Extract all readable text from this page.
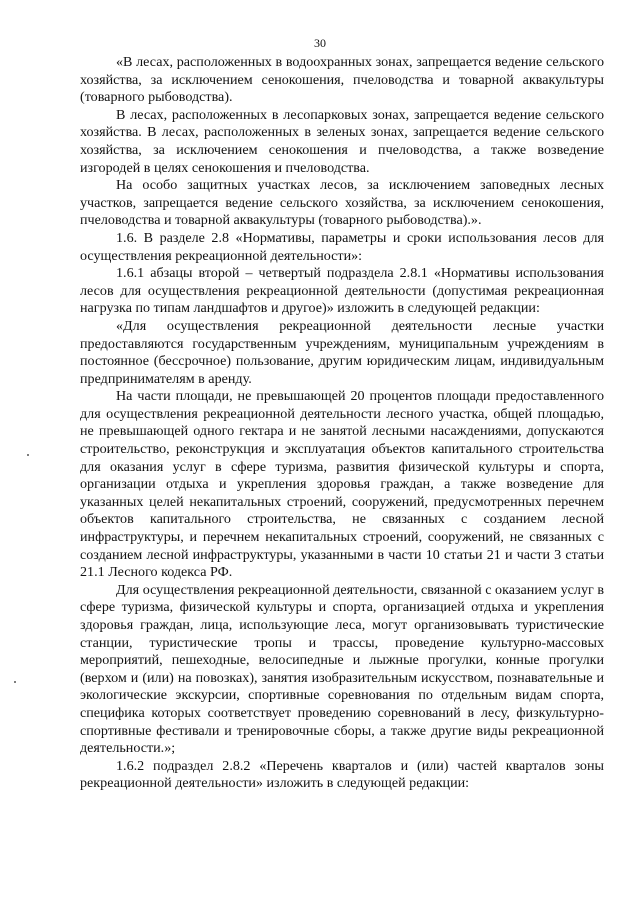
30

«В лесах, расположенных в водоохранных зонах, запрещается ведение сельского хозяйства, за исключением сенокошения, пчеловодства и товарной аквакультуры (товарного рыбоводства).

В лесах, расположенных в лесопарковых зонах, запрещается ведение сельского хозяйства. В лесах, расположенных в зеленых зонах, запрещается ведение сельского хозяйства, за исключением сенокошения и пчеловодства, а также возведение изгородей в целях сенокошения и пчеловодства.

На особо защитных участках лесов, за исключением заповедных лесных участков, запрещается ведение сельского хозяйства, за исключением сенокошения, пчеловодства и товарной аквакультуры (товарного рыбоводства).».

1.6. В разделе 2.8 «Нормативы, параметры и сроки использования лесов для осуществления рекреационной деятельности»:

1.6.1 абзацы второй – четвертый подраздела 2.8.1 «Нормативы использования лесов для осуществления рекреационной деятельности (допустимая рекреационная нагрузка по типам ландшафтов и другое)» изложить в следующей редакции:

«Для осуществления рекреационной деятельности лесные участки предоставляются государственным учреждениям, муниципальным учреждениям в постоянное (бессрочное) пользование, другим юридическим лицам, индивидуальным предпринимателям в аренду.

На части площади, не превышающей 20 процентов площади предоставленного для осуществления рекреационной деятельности лесного участка, общей площадью, не превышающей одного гектара и не занятой лесными насаждениями, допускаются строительство, реконструкция и эксплуатация объектов капитального строительства для оказания услуг в сфере туризма, развития физической культуры и спорта, организации отдыха и укрепления здоровья граждан, а также возведение для указанных целей некапитальных строений, сооружений, предусмотренных перечнем объектов капитального строительства, не связанных с созданием лесной инфраструктуры, и перечнем некапитальных строений, сооружений, не связанных с созданием лесной инфраструктуры, указанными в части 10 статьи 21 и части 3 статьи 21.1 Лесного кодекса РФ.

Для осуществления рекреационной деятельности, связанной с оказанием услуг в сфере туризма, физической культуры и спорта, организацией отдыха и укрепления здоровья граждан, лица, использующие леса, могут организовывать туристические станции, туристические тропы и трассы, проведение культурно-массовых мероприятий, пешеходные, велосипедные и лыжные прогулки, конные прогулки (верхом и (или) на повозках), занятия изобразительным искусством, познавательные и экологические экскурсии, спортивные соревнования по отдельным видам спорта, специфика которых соответствует проведению соревнований в лесу, физкультурно-спортивные фестивали и тренировочные сборы, а также другие виды рекреационной деятельности.»;

1.6.2 подраздел 2.8.2 «Перечень кварталов и (или) частей кварталов зоны рекреационной деятельности» изложить в следующей редакции:
